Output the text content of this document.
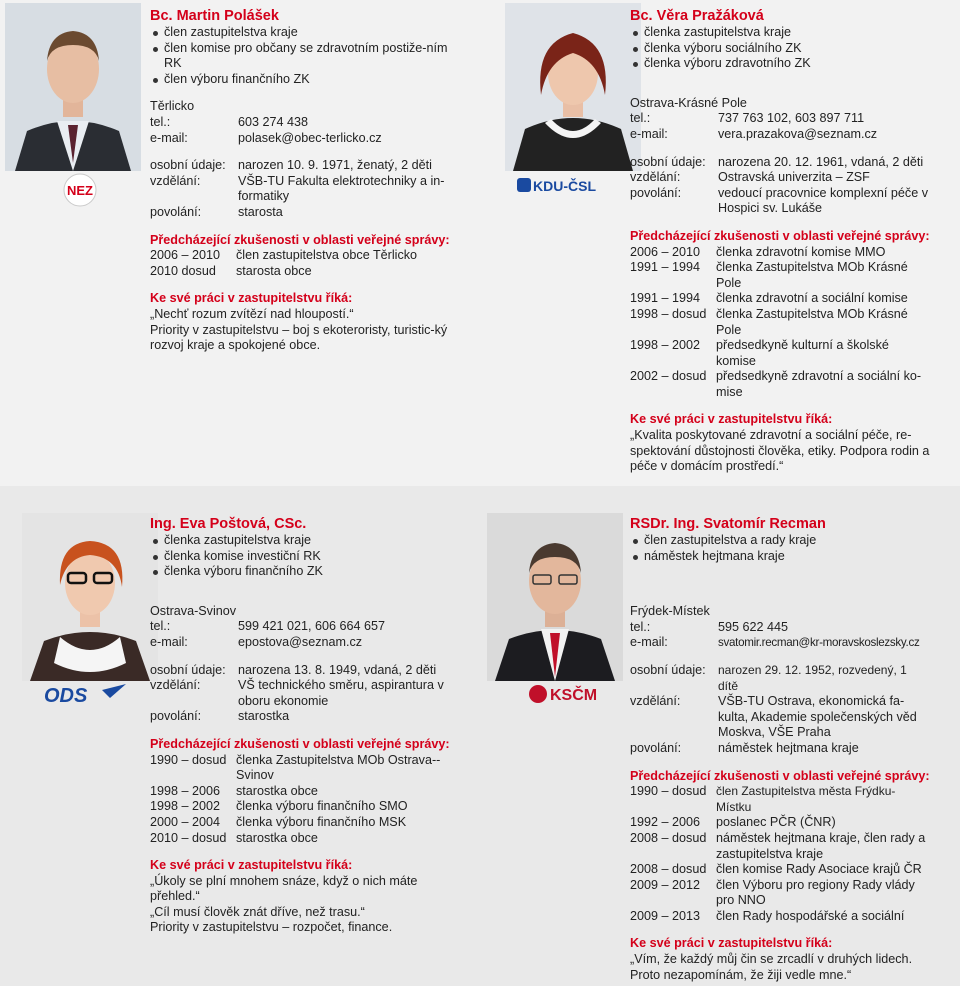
NEZ
Bc. Martin Polášek
člen zastupitelstva kraje
člen komise pro občany se zdravotním postiže-ním RK
člen výboru finančního ZK
Těrlicko
tel.:	603 274 438
e-mail:	polasek@obec-terlicko.cz
osobní údaje: narozen 10. 9. 1971, ženatý, 2 děti
vzdělání:	VŠB-TU Fakulta elektrotechniky a in-formatiky
povolání:	starosta
Předcházející zkušenosti v oblasti veřejné správy:
2006 – 2010	člen zastupitelstva obce Těrlicko
2010 dosud	starosta obce
Ke své práci v zastupitelstvu říká:
„Nechť rozum zvítězí nad hloupostí.“
Priority v zastupitelstvu – boj s ekoteroristy, turistic-ký rozvoj kraje a spokojené obce.
KDU-ČSL
Bc. Věra Pražáková
členka zastupitelstva kraje
členka výboru sociálního ZK
členka výboru zdravotního ZK
Ostrava-Krásné Pole
tel.:	737 763 102, 603 897 711
e-mail:	vera.prazakova@seznam.cz
osobní údaje: narozena 20. 12. 1961, vdaná, 2 děti
vzdělání:	Ostravská univerzita – ZSF
povolání:	vedoucí pracovnice komplexní péče v Hospici sv. Lukáše
Předcházející zkušenosti v oblasti veřejné správy:
2006 – 2010	členka zdravotní komise MMO
1991 – 1994	členka Zastupitelstva MOb Krásné Pole
1991 – 1994	členka zdravotní a sociální komise
1998 – dosud členka Zastupitelstva MOb Krásné Pole
1998 – 2002	předsedkyně kulturní a školské komise
2002 – dosud předsedkyně zdravotní a sociální ko-mise
Ke své práci v zastupitelstvu říká:
„Kvalita poskytované zdravotní a sociální péče, re-spektování důstojnosti člověka, etiky. Podpora rodin a péče v domácím prostředí.“
ODS
Ing. Eva Poštová, CSc.
členka zastupitelstva kraje
členka komise investiční RK
členka výboru finančního ZK
Ostrava-Svinov
tel.:	599 421 021, 606 664 657
e-mail:	epostova@seznam.cz
osobní údaje: narozena 13. 8. 1949, vdaná, 2 děti
vzdělání:	VŠ technického směru, aspirantura v oboru ekonomie
povolání:	starostka
Předcházející zkušenosti v oblasti veřejné správy:
1990 – dosud členka Zastupitelstva MOb Ostrava--Svinov
1998 – 2006	starostka obce
1998 – 2002	členka výboru finančního SMO
2000 – 2004	členka výboru finančního MSK
2010 – dosud starostka obce
Ke své práci v zastupitelstvu říká:
„Úkoly se plní mnohem snáze, když o nich máte přehled.“
„Cíl musí člověk znát dříve, než trasu.“
Priority v zastupitelstvu – rozpočet, finance.
KSČM
RSDr. Ing. Svatomír Recman
člen zastupitelstva a rady kraje
náměstek hejtmana kraje
Frýdek-Místek
tel.:	595 622 445
e-mail:	svatomir.recman@kr-moravskoslezsky.cz
osobní údaje:	narozen 29. 12. 1952, rozvedený, 1 dítě
vzdělání:	VŠB-TU Ostrava, ekonomická fa-kulta, Akademie společenských věd Moskva, VŠE Praha
povolání:	náměstek hejtmana kraje
Předcházející zkušenosti v oblasti veřejné správy:
1990 – dosud člen Zastupitelstva města Frýdku-Místku
1992 – 2006	poslanec PČR (ČNR)
2008 – dosud náměstek hejtmana kraje, člen rady a zastupitelstva kraje
2008 – dosud člen komise Rady Asociace krajů ČR
2009 – 2012	člen Výboru pro regiony Rady vlády pro NNO
2009 – 2013	člen Rady hospodářské a sociální
Ke své práci v zastupitelstvu říká:
„Vím, že každý můj čin se zrcadlí v druhých lidech. Proto nezapomínám, že žiji vedle mne.“
